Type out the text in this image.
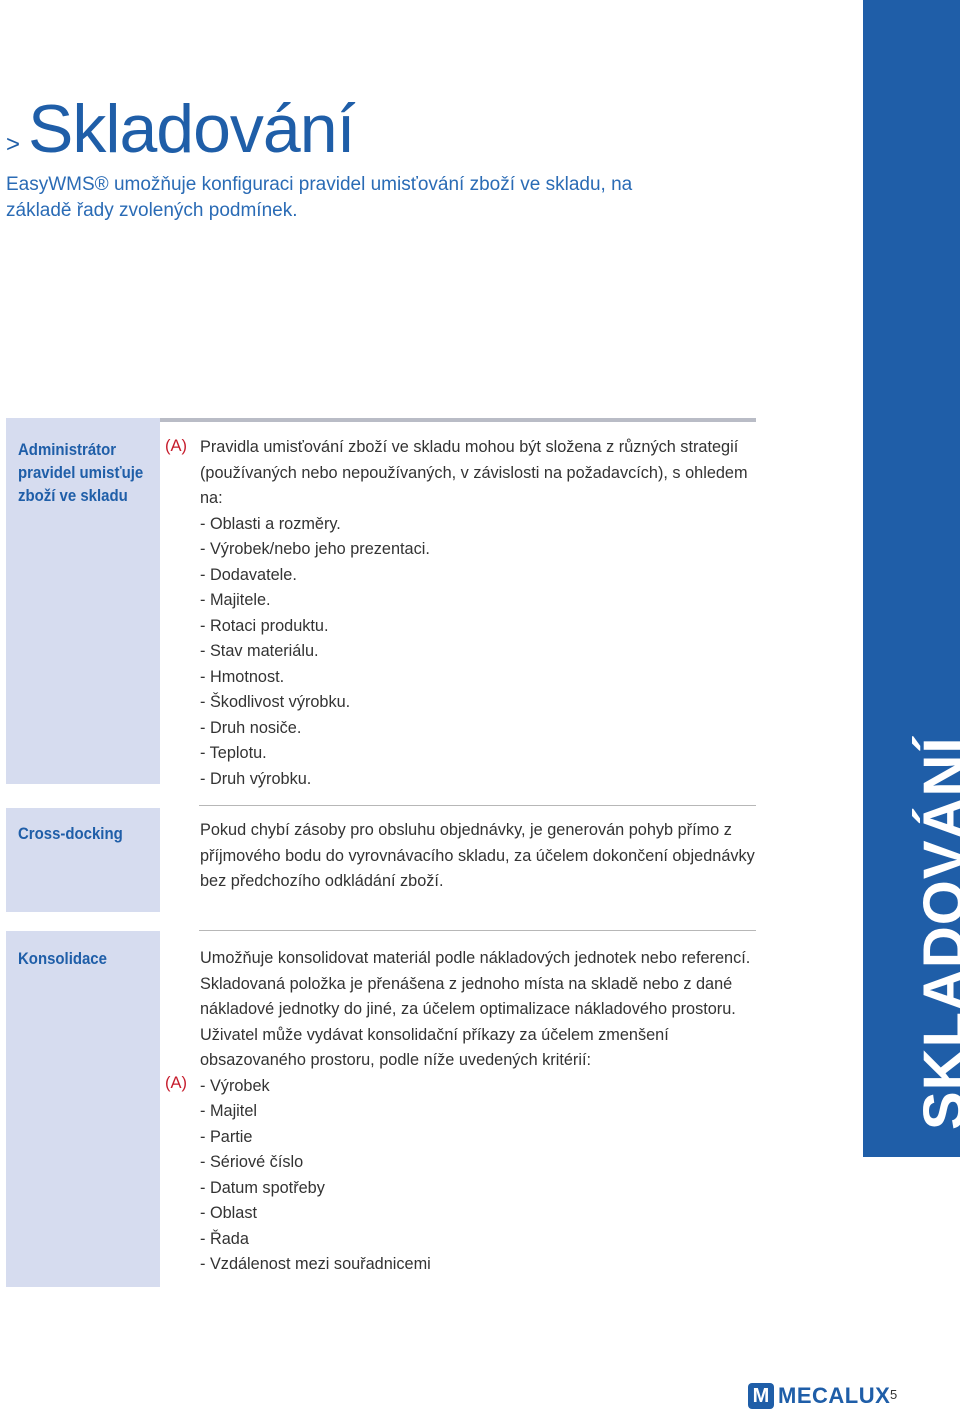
> Skladování
EasyWMS® umožňuje konfiguraci pravidel umisťování zboží ve skladu, na základě řady zvolených podmínek.
Administrátor pravidel umisťuje zboží ve skladu
Cross-docking
Konsolidace
(A) Pravidla umisťování zboží ve skladu mohou být složena z různých strategií (používaných nebo nepoužívaných, v závislosti na požadavcích), s ohledem na:

- Oblasti a rozměry.

- Výrobek/nebo jeho prezentaci.

- Dodavatele.

- Majitele.

- Rotaci produktu.

- Stav materiálu.

- Hmotnost.

- Škodlivost výrobku.

- Druh nosiče.

- Teplotu.

- Druh výrobku.

Pokud chybí zásoby pro obsluhu objednávky, je generován pohyb přímo z příjmového bodu do vyrovnávacího skladu, za účelem dokončení objednávky bez předchozího odkládání zboží.

(A)

Umožňuje konsolidovat materiál podle nákladových jednotek nebo referencí. Skladovaná položka je přenášena z jednoho místa na skladě nebo z dané nákladové jednotky do jiné, za účelem optimalizace nákladového prostoru. Uživatel může vydávat konsolidační příkazy za účelem zmenšení obsazovaného prostoru, podle níže uvedených kritérií:

- Výrobek

- Majitel

- Partie

- Sériové číslo

- Datum spotřeby

- Oblast

- Řada

- Vzdálenost mezi souřadnicemi

SKLADOVÁNÍ
M MECALUX 5
